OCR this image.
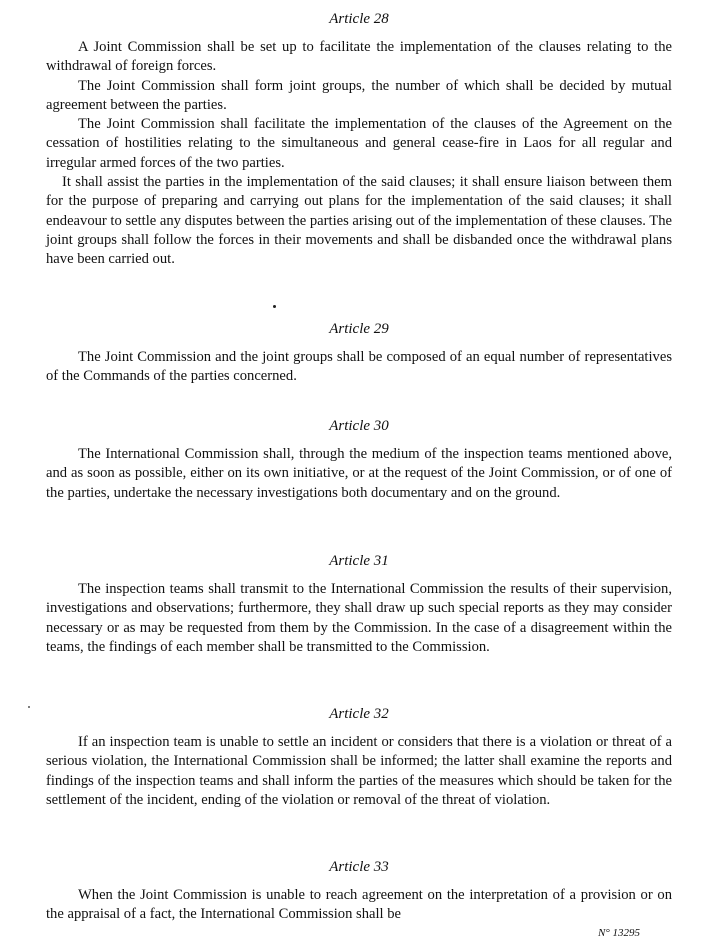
Article 28

A Joint Commission shall be set up to facilitate the implementation of the clauses relating to the withdrawal of foreign forces.

The Joint Commission shall form joint groups, the number of which shall be decided by mutual agreement between the parties.

The Joint Commission shall facilitate the implementation of the clauses of the Agreement on the cessation of hostilities relating to the simultaneous and general cease-fire in Laos for all regular and irregular armed forces of the two parties.

It shall assist the parties in the implementation of the said clauses; it shall ensure liaison between them for the purpose of preparing and carrying out plans for the implementation of the said clauses; it shall endeavour to settle any disputes between the parties arising out of the implementation of these clauses. The joint groups shall follow the forces in their movements and shall be disbanded once the withdrawal plans have been carried out.

Article 29

The Joint Commission and the joint groups shall be composed of an equal number of representatives of the Commands of the parties concerned.

Article 30

The International Commission shall, through the medium of the inspection teams mentioned above, and as soon as possible, either on its own initiative, or at the request of the Joint Commission, or of one of the parties, undertake the necessary investigations both documentary and on the ground.

Article 31

The inspection teams shall transmit to the International Commission the results of their supervision, investigations and observations; furthermore, they shall draw up such special reports as they may consider necessary or as may be requested from them by the Commission. In the case of a disagreement within the teams, the findings of each member shall be transmitted to the Commission.

Article 32

If an inspection team is unable to settle an incident or considers that there is a violation or threat of a serious violation, the International Commission shall be informed; the latter shall examine the reports and findings of the inspection teams and shall inform the parties of the measures which should be taken for the settlement of the incident, ending of the violation or removal of the threat of violation.

Article 33

When the Joint Commission is unable to reach agreement on the interpretation of a provision or on the appraisal of a fact, the International Commission shall be

N° 13295
